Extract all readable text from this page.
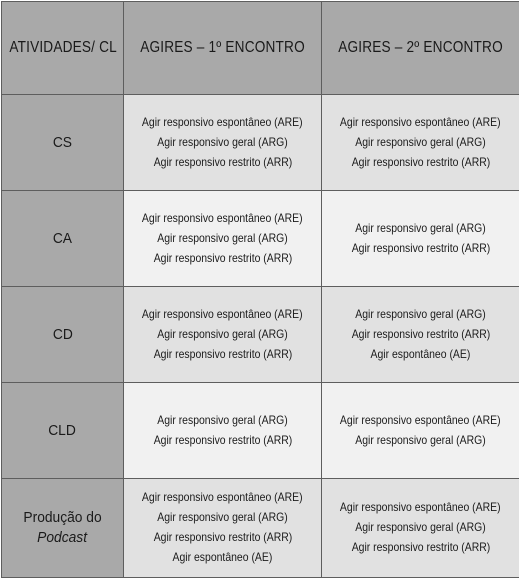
ATIVIDADES/ CL	AGIRES – 1º ENCONTRO	AGIRES – 2º ENCONTRO
CS	Agir responsivo espontâneo (ARE)
Agir responsivo geral (ARG)
Agir responsivo restrito (ARR)	Agir responsivo espontâneo (ARE)
Agir responsivo geral (ARG)
Agir responsivo restrito (ARR)

CA	Agir responsivo espontâneo (ARE)
Agir responsivo geral (ARG)
Agir responsivo restrito (ARR)	Agir responsivo geral (ARG)
Agir responsivo restrito (ARR)

CD	Agir responsivo espontâneo (ARE)
Agir responsivo geral (ARG)
Agir responsivo restrito (ARR)	Agir responsivo geral (ARG)
Agir responsivo restrito (ARR)
Agir espontâneo (AE)

CLD	Agir responsivo geral (ARG)
Agir responsivo restrito (ARR)	Agir responsivo espontâneo (ARE)
Agir responsivo geral (ARG)

Produção do
Podcast	Agir responsivo espontâneo (ARE)
Agir responsivo geral (ARG)
Agir responsivo restrito (ARR)
Agir espontâneo (AE)	Agir responsivo espontâneo (ARE)
Agir responsivo geral (ARG)
Agir responsivo restrito (ARR)
